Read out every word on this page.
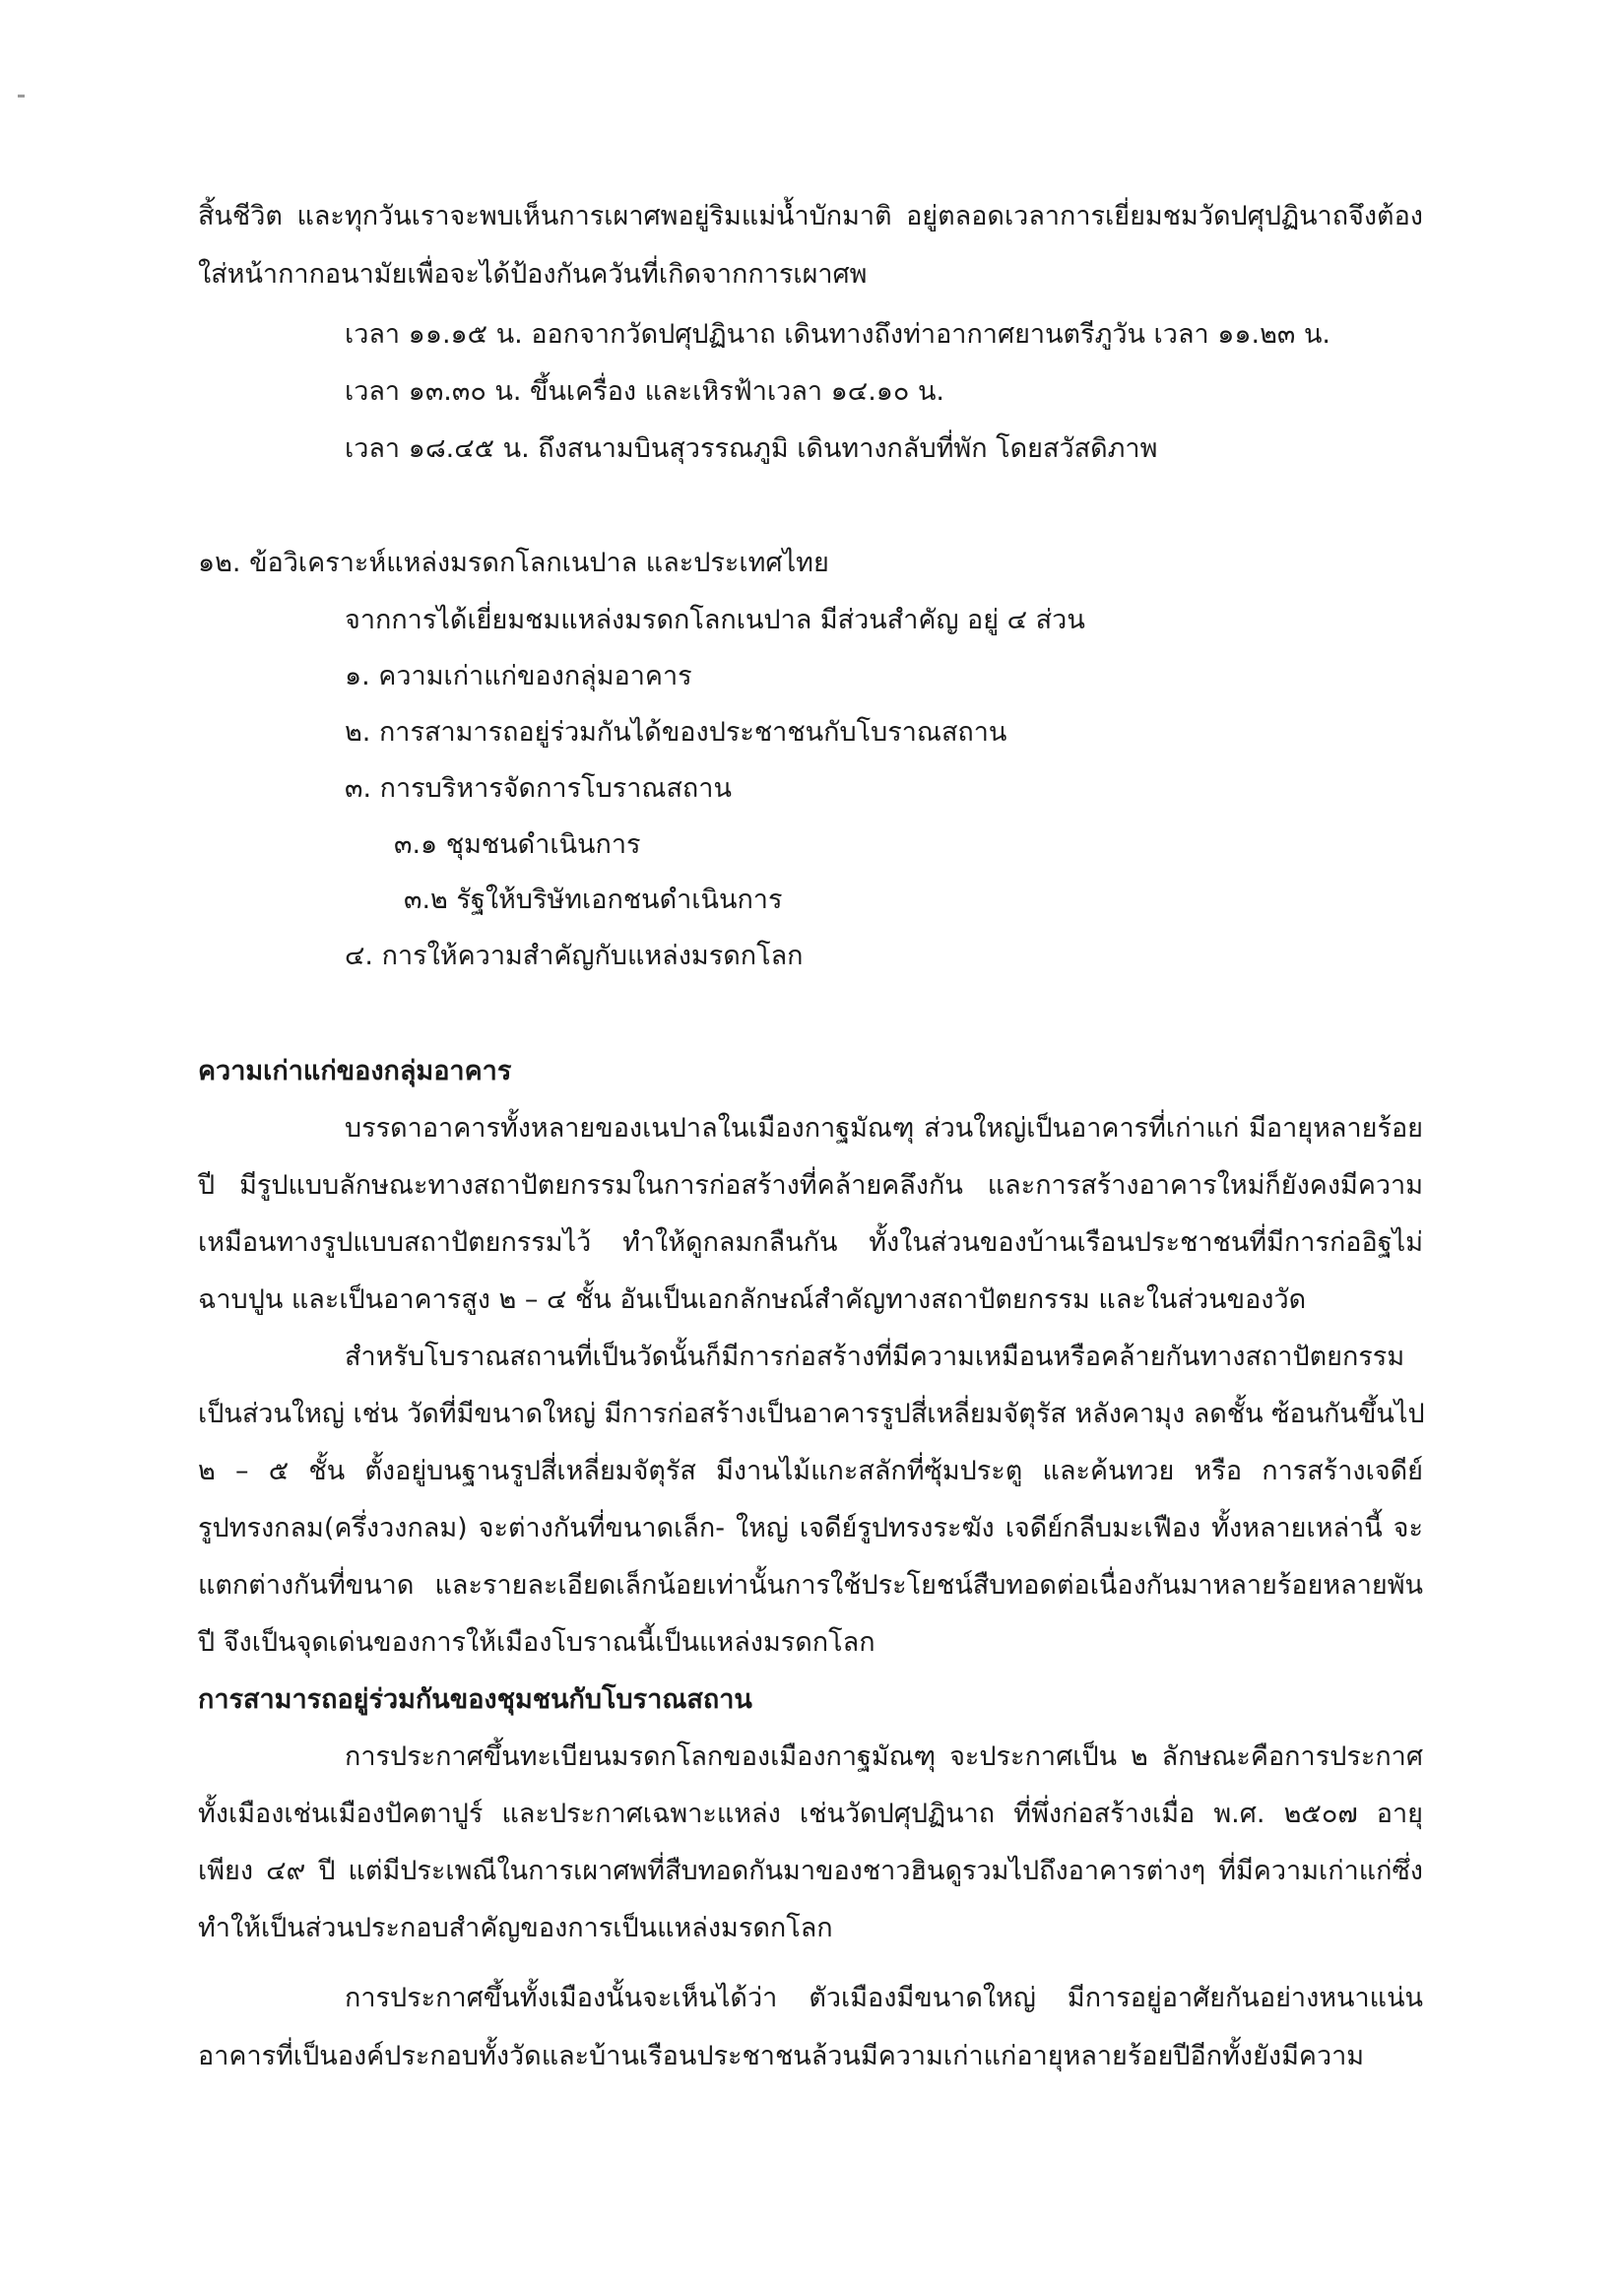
สิ้นชีวิต และทุกวันเราจะพบเห็นการเผาศพอยู่ริมแม่น้ำบักมาติ อยู่ตลอดเวลาการเยี่ยมชมวัดปศุปฏินาถจึงต้อง
ใส่หน้ากากอนามัยเพื่อจะได้ป้องกันควันที่เกิดจากการเผาศพ
เวลา ๑๑.๑๕ น. ออกจากวัดปศุปฏินาถ เดินทางถึงท่าอากาศยานตรีภูวัน เวลา ๑๑.๒๓ น.
เวลา ๑๓.๓๐ น. ขึ้นเครื่อง และเหิรฟ้าเวลา ๑๔.๑๐ น.
เวลา ๑๘.๔๕ น. ถึงสนามบินสุวรรณภูมิ เดินทางกลับที่พัก โดยสวัสดิภาพ
๑๒. ข้อวิเคราะห์แหล่งมรดกโลกเนปาล และประเทศไทย
จากการได้เยี่ยมชมแหล่งมรดกโลกเนปาล มีส่วนสำคัญ อยู่ ๔ ส่วน
๑. ความเก่าแก่ของกลุ่มอาคาร
๒. การสามารถอยู่ร่วมกันได้ของประชาชนกับโบราณสถาน
๓. การบริหารจัดการโบราณสถาน
๓.๑ ชุมชนดำเนินการ
๓.๒ รัฐให้บริษัทเอกชนดำเนินการ
๔. การให้ความสำคัญกับแหล่งมรดกโลก
ความเก่าแก่ของกลุ่มอาคาร
บรรดาอาคารทั้งหลายของเนปาลในเมืองกาฐมัณฑุ ส่วนใหญ่เป็นอาคารที่เก่าแก่ มีอายุหลายร้อย
ปี มีรูปแบบลักษณะทางสถาปัตยกรรมในการก่อสร้างที่คล้ายคลึงกัน และการสร้างอาคารใหม่ก็ยังคงมีความ
เหมือนทางรูปแบบสถาปัตยกรรมไว้ ทำให้ดูกลมกลืนกัน ทั้งในส่วนของบ้านเรือนประชาชนที่มีการก่ออิฐไม่
ฉาบปูน และเป็นอาคารสูง ๒ – ๔ ชั้น อันเป็นเอกลักษณ์สำคัญทางสถาปัตยกรรม และในส่วนของวัด
สำหรับโบราณสถานที่เป็นวัดนั้นก็มีการก่อสร้างที่มีความเหมือนหรือคล้ายกันทางสถาปัตยกรรม
เป็นส่วนใหญ่ เช่น วัดที่มีขนาดใหญ่ มีการก่อสร้างเป็นอาคารรูปสี่เหลี่ยมจัตุรัส หลังคามุง ลดชั้น ซ้อนกันขึ้นไป
๒ – ๕ ชั้น ตั้งอยู่บนฐานรูปสี่เหลี่ยมจัตุรัส มีงานไม้แกะสลักที่ซุ้มประตู และค้นทวย หรือ การสร้างเจดีย์
รูปทรงกลม(ครึ่งวงกลม) จะต่างกันที่ขนาดเล็ก- ใหญ่ เจดีย์รูปทรงระฆัง เจดีย์กลีบมะเฟือง ทั้งหลายเหล่านี้ จะ
แตกต่างกันที่ขนาด และรายละเอียดเล็กน้อยเท่านั้นการใช้ประโยชน์สืบทอดต่อเนื่องกันมาหลายร้อยหลายพัน
ปี จึงเป็นจุดเด่นของการให้เมืองโบราณนี้เป็นแหล่งมรดกโลก
การสามารถอยู่ร่วมกันของชุมชนกับโบราณสถาน
การประกาศขึ้นทะเบียนมรดกโลกของเมืองกาฐมัณฑุ จะประกาศเป็น ๒ ลักษณะคือการประกาศ
ทั้งเมืองเช่นเมืองปัคตาปูร์ และประกาศเฉพาะแหล่ง เช่นวัดปศุปฏินาถ ที่พึ่งก่อสร้างเมื่อ พ.ศ. ๒๕๐๗ อายุ
เพียง ๔๙ ปี แต่มีประเพณีในการเผาศพที่สืบทอดกันมาของชาวฮินดูรวมไปถึงอาคารต่างๆ ที่มีความเก่าแก่ซึ่ง
ทำให้เป็นส่วนประกอบสำคัญของการเป็นแหล่งมรดกโลก
การประกาศขึ้นทั้งเมืองนั้นจะเห็นได้ว่า ตัวเมืองมีขนาดใหญ่ มีการอยู่อาศัยกันอย่างหนาแน่น
อาคารที่เป็นองค์ประกอบทั้งวัดและบ้านเรือนประชาชนล้วนมีความเก่าแก่อายุหลายร้อยปีอีกทั้งยังมีความ
